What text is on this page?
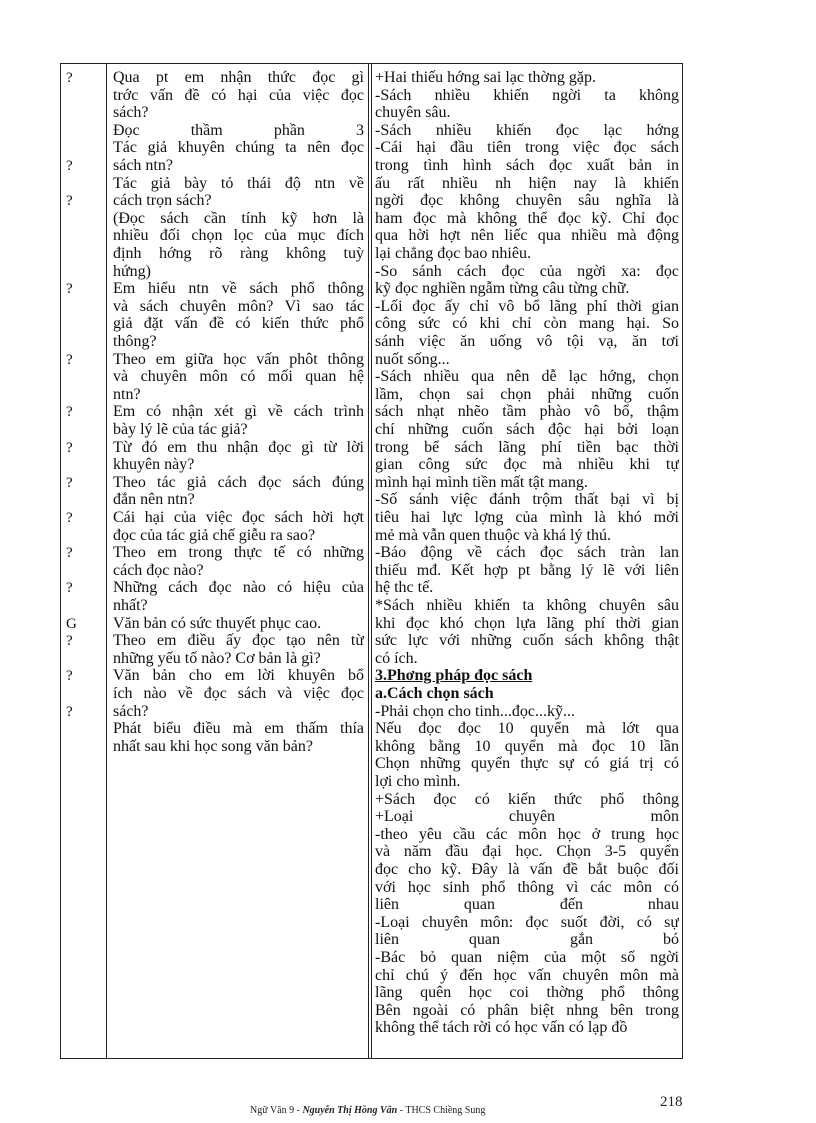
?
?
?
?
?
?
?
?
?
?
?
G
?
?
?
Qua pt em nhận thức đọc gì
trớc vấn đề có hại của việc đọc
sách?
Đọc thầm phần 3
Tác giả khuyên chúng ta nên đọc
sách ntn?
Tác giả bày tỏ thái độ ntn về
cách trọn sách?
(Đọc sách cần tính kỹ hơn là
nhiều đối chọn lọc của mục đích
định hớng rõ ràng không tuỳ
hứng)
Em hiểu ntn về sách phổ thông
và sách chuyên môn? Vì sao tác
giả đặt vấn đề có kiến thức phổ
thông?
Theo em giữa học vấn phôt thông
và chuyên môn có mối quan hệ
ntn?
Em có nhận xét gì về cách trình
bày lý lẽ của tác giả?
Từ đó em thu nhận đọc gì từ lời
khuyên này?
Theo tác giả cách đọc sách đúng
đắn nên ntn?
Cái hại của việc đọc sách hời hợt
đọc của tác giả chế giễu ra sao?
Theo em trong thực tế có những
cách đọc nào?
Những cách đọc nào có hiệu của
nhất?
Văn bản có sức thuyết phục cao.
Theo em điều ấy đọc tạo nên từ
những yếu tố nào? Cơ bản là gì?
Văn bản cho em lời khuyên bổ
ích nào về đọc sách và việc đọc
sách?
Phát biểu điều mà em thấm thía
nhất sau khi học song văn bản?
+Hai thiếu hớng sai lạc thờng gặp.
-Sách nhiều khiến ngời ta không
chuyên sâu.
-Sách nhiều khiến đọc lạc hớng
-Cái hại đầu tiên trong việc đọc sách
trong tình hình sách đọc xuất bản in
ấu rất nhiều nh hiện nay là khiến
ngời đọc không chuyên sâu nghĩa là
ham đọc mà không thể đọc kỹ. Chỉ đọc
qua hời hợt nên liếc qua nhiều mà động
lại chẳng đọc bao nhiêu.
-So sánh cách đọc của ngời xa: đọc
kỹ đọc nghiền ngẫm từng câu từng chữ.
-Lối đọc ấy chỉ vô bổ lãng phí thời gian
công sức có khi chỉ còn mang hại. So
sánh việc ăn uống vô tội vạ, ăn tơi
nuốt sống...
-Sách nhiều qua nên dễ lạc hớng, chọn
lầm, chọn sai chọn phải những cuốn
sách nhạt nhẽo tầm phào vô bổ, thậm
chí những cuốn sách độc hại bởi loạn
trong bể sách lãng phí tiền bạc thời
gian công sức đọc mà nhiều khi tự
mình hại mình tiền mất tật mang.
-Số sánh việc đánh trộm thất bại vì bị
tiêu hai lực lợng của mình là khó mởi
mẻ mà vẫn quen thuộc và khá lý thú.
-Báo động về cách đọc sách tràn lan
thiếu mđ. Kết hợp pt bằng lý lẽ với liên
hệ thc tế.
*Sách nhiều khiến ta không chuyên sâu
khi đọc khó chọn lựa lãng phí thời gian
sức lực với những cuốn sách không thật
có ích.
3.Phơng pháp đọc sách
a.Cách chọn sách
-Phải chọn cho tinh...đọc...kỹ...
Nếu đọc đọc 10 quyển mà lớt qua
không bằng 10 quyển mà đọc 10 lần
Chọn những quyển thực sự có giá trị có
lợi cho mình.
+Sách đọc có kiến thức phổ thông
+Loại chuyên môn
-theo yêu cầu các môn học ở trung học
và năm đầu đại học. Chọn 3-5 quyển
đọc cho kỹ. Đây là vấn đề bắt buộc đối
với học sinh phổ thông vì các môn có
liên quan đến nhau
-Loại chuyên môn: đọc suốt đời, có sự
liên quan gắn bó
-Bác bỏ quan niệm của một số ngời
chỉ chú ý đến học vấn chuyên môn mà
lãng quên học coi thờng phổ thông
Bên ngoài có phân biệt nhng bên trong
không thể tách rời có học vấn có lạp đồ
Ngữ Văn 9 - Nguyễn Thị Hồng Vân - THCS Chiềng Sung
218
